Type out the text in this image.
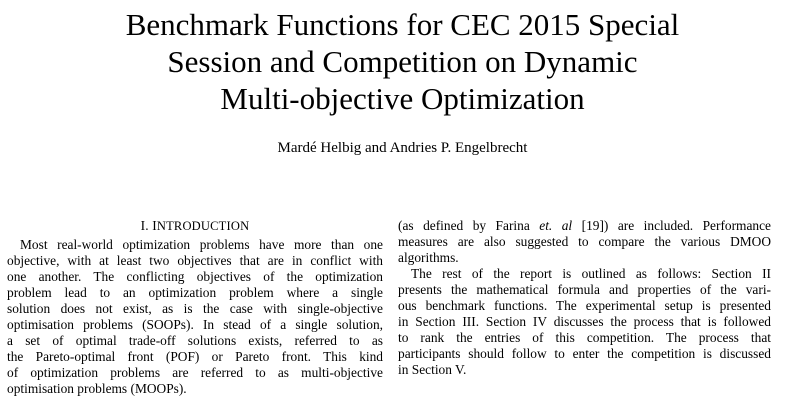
Benchmark Functions for CEC 2015 Special
Session and Competition on Dynamic
Multi-objective Optimization
Mardé Helbig and Andries P. Engelbrecht
I. INTRODUCTION
Most real-world optimization problems have more than one
objective, with at least two objectives that are in conflict with
one another. The conflicting objectives of the optimization
problem lead to an optimization problem where a single
solution does not exist, as is the case with single-objective
optimisation problems (SOOPs). In stead of a single solution,
a set of optimal trade-off solutions exists, referred to as
the Pareto-optimal front (POF) or Pareto front. This kind
of optimization problems are referred to as multi-objective
optimisation problems (MOOPs).
(as defined by Farina et. al [19]) are included. Performance
measures are also suggested to compare the various DMOO
algorithms.
The rest of the report is outlined as follows: Section II
presents the mathematical formula and properties of the vari-
ous benchmark functions. The experimental setup is presented
in Section III. Section IV discusses the process that is followed
to rank the entries of this competition. The process that
participants should follow to enter the competition is discussed
in Section V.
